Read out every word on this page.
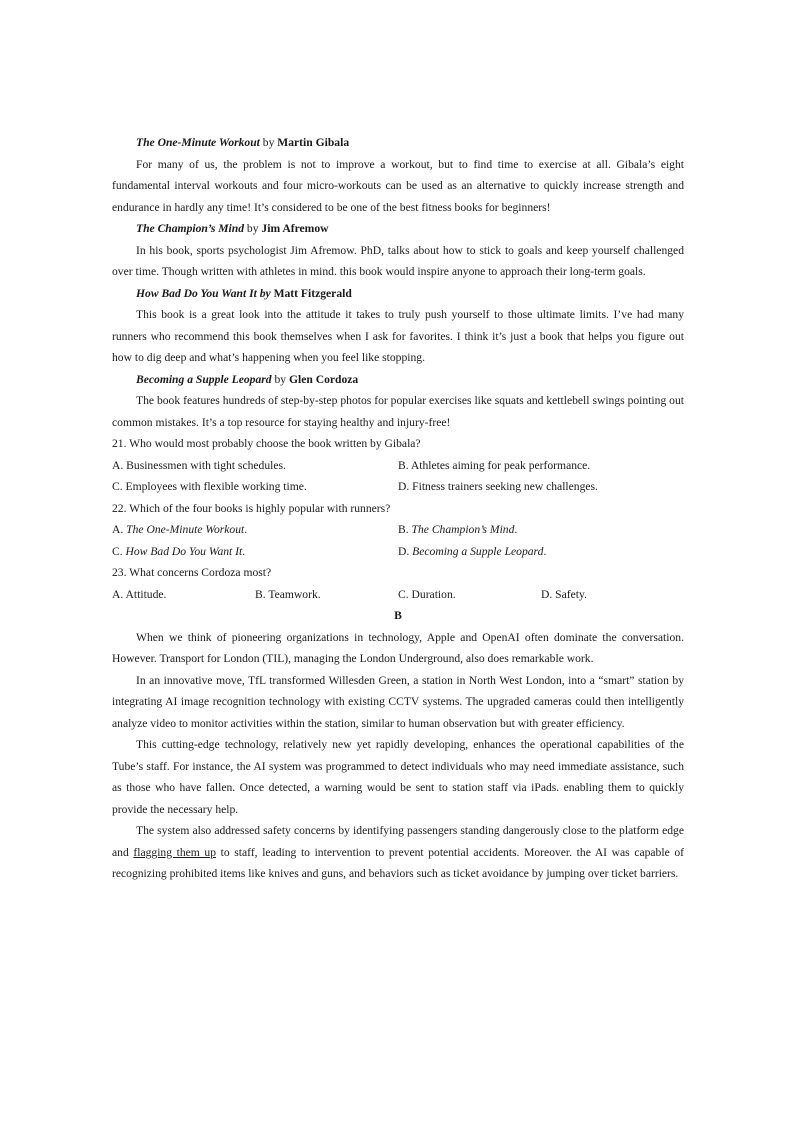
The One-Minute Workout by Martin Gibala

For many of us, the problem is not to improve a workout, but to find time to exercise at all. Gibala’s eight fundamental interval workouts and four micro-workouts can be used as an alternative to quickly increase strength and endurance in hardly any time! It’s considered to be one of the best fitness books for beginners!

The Champion’s Mind by Jim Afremow

In his book, sports psychologist Jim Afremow. PhD, talks about how to stick to goals and keep yourself challenged over time. Though written with athletes in mind. this book would inspire anyone to approach their long-term goals.

How Bad Do You Want It by Matt Fitzgerald

This book is a great look into the attitude it takes to truly push yourself to those ultimate limits. I’ve had many runners who recommend this book themselves when I ask for favorites. I think it’s just a book that helps you figure out how to dig deep and what’s happening when you feel like stopping.

Becoming a Supple Leopard by Glen Cordoza

The book features hundreds of step-by-step photos for popular exercises like squats and kettlebell swings pointing out common mistakes. It’s a top resource for staying healthy and injury-free!

21. Who would most probably choose the book written by Gibala?
A. Businessmen with tight schedules.	B. Athletes aiming for peak performance.
C. Employees with flexible working time.	D. Fitness trainers seeking new challenges.
22. Which of the four books is highly popular with runners?
A. The One-Minute Workout.	B. The Champion’s Mind.
C. How Bad Do You Want It.	D. Becoming a Supple Leopard.
23. What concerns Cordoza most?
A. Attitude.	B. Teamwork.	C. Duration.	D. Safety.
B

When we think of pioneering organizations in technology, Apple and OpenAI often dominate the conversation. However. Transport for London (TIL), managing the London Underground, also does remarkable work.

In an innovative move, TfL transformed Willesden Green, a station in North West London, into a “smart” station by integrating AI image recognition technology with existing CCTV systems. The upgraded cameras could then intelligently analyze video to monitor activities within the station, similar to human observation but with greater efficiency.

This cutting-edge technology, relatively new yet rapidly developing, enhances the operational capabilities of the Tube’s staff. For instance, the AI system was programmed to detect individuals who may need immediate assistance, such as those who have fallen. Once detected, a warning would be sent to station staff via iPads. enabling them to quickly provide the necessary help.

The system also addressed safety concerns by identifying passengers standing dangerously close to the platform edge and flagging them up to staff, leading to intervention to prevent potential accidents. Moreover. the AI was capable of recognizing prohibited items like knives and guns, and behaviors such as ticket avoidance by jumping over ticket barriers.
